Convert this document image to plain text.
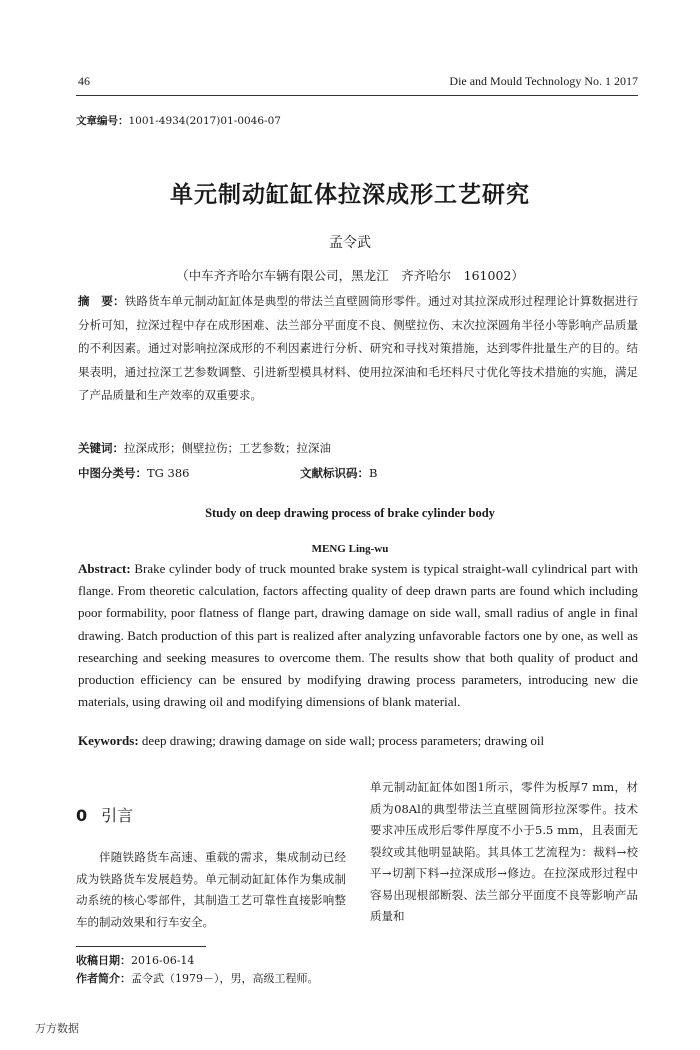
46	Die and Mould Technology No. 1 2017
文章编号：1001-4934(2017)01-0046-07
单元制动缸缸体拉深成形工艺研究
孟令武
（中车齐齐哈尔车辆有限公司，黑龙江　齐齐哈尔　161002）
摘　要：铁路货车单元制动缸缸体是典型的带法兰直壁圆筒形零件。通过对其拉深成形过程理论计算数据进行分析可知，拉深过程中存在成形困难、法兰部分平面度不良、侧壁拉伤、末次拉深圆角半径小等影响产品质量的不利因素。通过对影响拉深成形的不利因素进行分析、研究和寻找对策措施，达到零件批量生产的目的。结果表明，通过拉深工艺参数调整、引进新型模具材料、使用拉深油和毛坯料尺寸优化等技术措施的实施，满足了产品质量和生产效率的双重要求。
关键词：拉深成形；侧壁拉伤；工艺参数；拉深油
中图分类号：TG 386	文献标识码：B
Study on deep drawing process of brake cylinder body
MENG Ling-wu
Abstract: Brake cylinder body of truck mounted brake system is typical straight-wall cylindrical part with flange. From theoretic calculation, factors affecting quality of deep drawn parts are found which including poor formability, poor flatness of flange part, drawing damage on side wall, small radius of angle in final drawing. Batch production of this part is realized after analyzing unfavorable factors one by one, as well as researching and seeking measures to overcome them. The results show that both quality of product and production efficiency can be ensured by modifying drawing process parameters, introducing new die materials, using drawing oil and modifying dimensions of blank material.
Keywords: deep drawing; drawing damage on side wall; process parameters; drawing oil
0 引言
伴随铁路货车高速、重载的需求，集成制动已经成为铁路货车发展趋势。单元制动缸缸体作为集成制动系统的核心零部件，其制造工艺可靠性直接影响整车的制动效果和行车安全。
单元制动缸缸体如图1所示，零件为板厚7 mm，材质为08Al的典型带法兰直壁圆筒形拉深零件。技术要求冲压成形后零件厚度不小于5.5 mm，且表面无裂纹或其他明显缺陷。其具体工艺流程为：裁料→校平→切割下料→拉深成形→修边。在拉深成形过程中容易出现根部断裂、法兰部分平面度不良等影响产品质量和
收稿日期：2016-06-14
作者简介：孟令武（1979－），男，高级工程师。
万方数据
